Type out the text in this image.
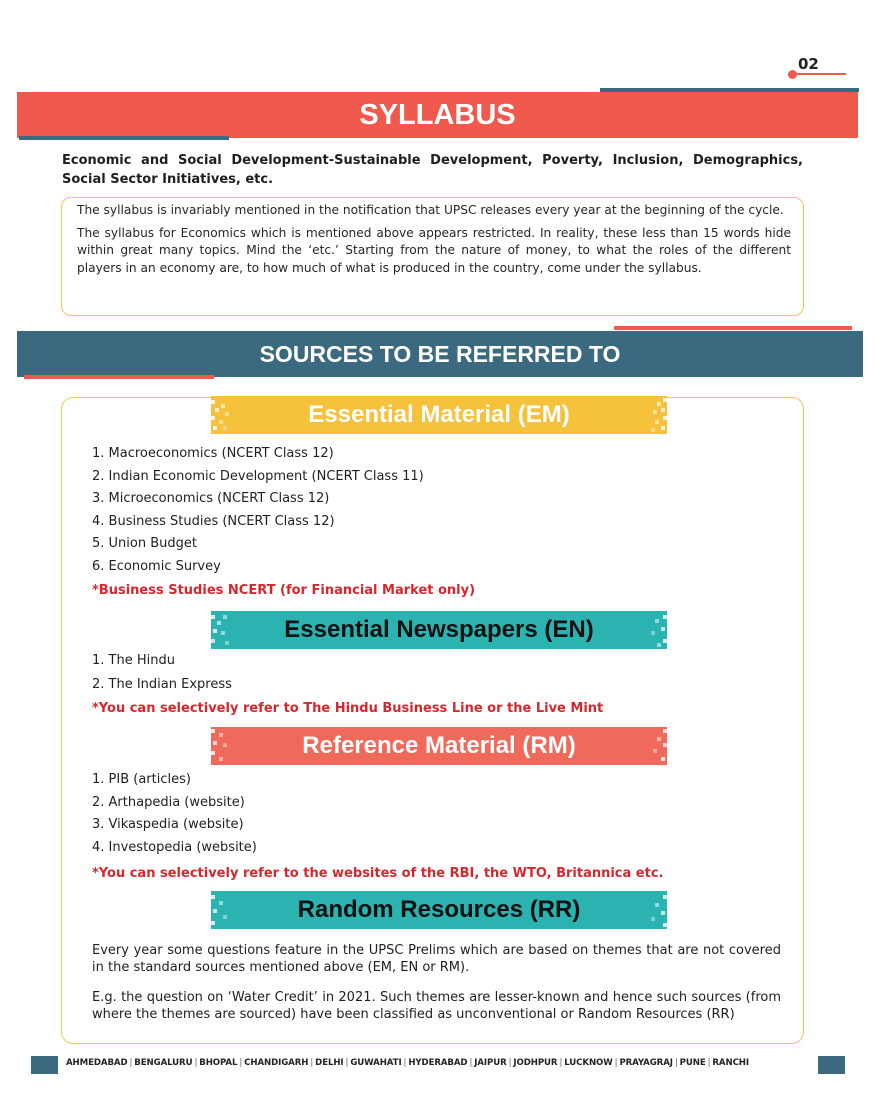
02
SYLLABUS
Economic and Social Development-Sustainable Development, Poverty, Inclusion, Demographics, Social Sector Initiatives, etc.

The syllabus is invariably mentioned in the notification that UPSC releases every year at the beginning of the cycle.

The syllabus for Economics which is mentioned above appears restricted. In reality, these less than 15 words hide within great many topics. Mind the ‘etc.’ Starting from the nature of money, to what the roles of the different players in an economy are, to how much of what is produced in the country, come under the syllabus.

SOURCES TO BE REFERRED TO
Essential Material (EM)
1. Macroeconomics (NCERT Class 12)
2. Indian Economic Development (NCERT Class 11)
3. Microeconomics (NCERT Class 12)
4. Business Studies (NCERT Class 12)
5. Union Budget
6. Economic Survey
*Business Studies NCERT (for Financial Market only)
Essential Newspapers (EN)
1. The Hindu
2. The Indian Express
*You can selectively refer to The Hindu Business Line or the Live Mint
Reference Material (RM)
1. PIB (articles)
2. Arthapedia (website)
3. Vikaspedia (website)
4. Investopedia (website)
*You can selectively refer to the websites of the RBI, the WTO, Britannica etc.
Random Resources (RR)

Every year some questions feature in the UPSC Prelims which are based on themes that are not covered in the standard sources mentioned above (EM, EN or RM).

E.g. the question on ‘Water Credit’ in 2021. Such themes are lesser-known and hence such sources (from where the themes are sourced) have been classified as unconventional or Random Resources (RR)

AHMEDABAD | BENGALURU | BHOPAL | CHANDIGARH | DELHI | GUWAHATI | HYDERABAD | JAIPUR | JODHPUR | LUCKNOW | PRAYAGRAJ | PUNE | RANCHI
